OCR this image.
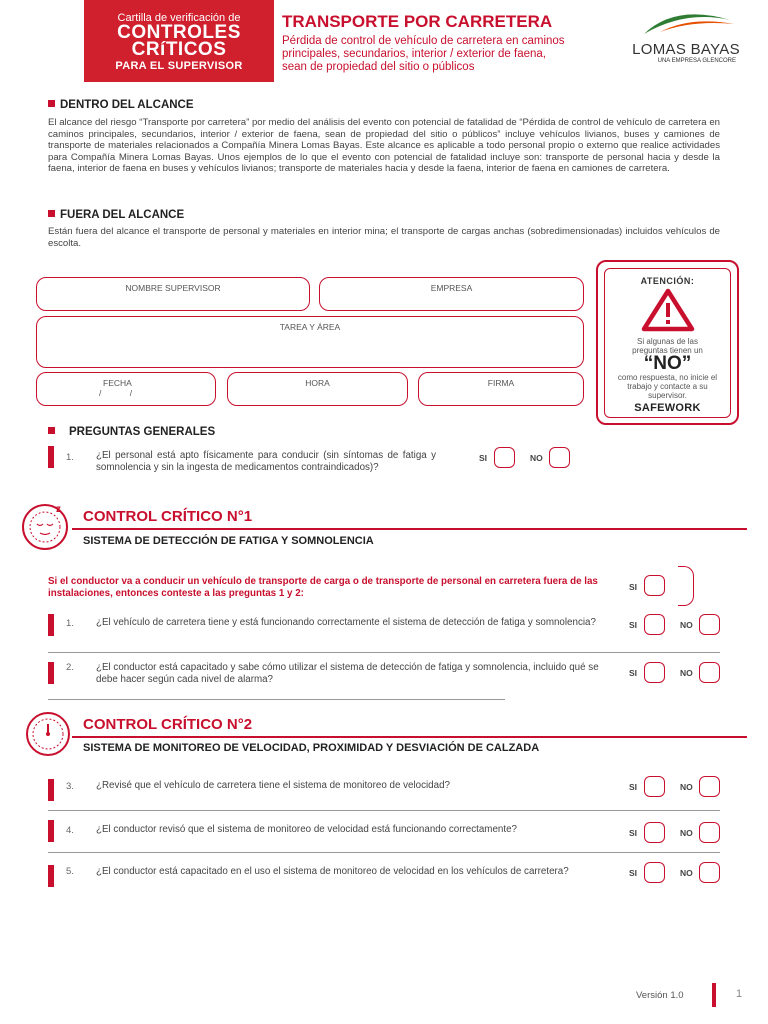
Cartilla de verificación de
CONTROLES
CRíTICOS
PARA EL SUPERVISOR
TRANSPORTE POR CARRETERA
Pérdida de control de vehículo de carretera en caminos principales, secundarios, interior / exterior de faena, sean de propiedad del sitio o públicos
LOMAS BAYAS
UNA EMPRESA GLENCORE
DENTRO DEL ALCANCE
El alcance del riesgo “Transporte por carretera” por medio del análisis del evento con potencial de fatalidad de “Pérdida de control de vehículo de carretera en caminos principales, secundarios, interior / exterior de faena, sean de propiedad del sitio o públicos” incluye vehículos livianos, buses y camiones de transporte de materiales relacionados a Compañía Minera Lomas Bayas. Este alcance es aplicable a todo personal propio o externo que realice actividades para Compañía Minera Lomas Bayas. Unos ejemplos de lo que el evento con potencial de fatalidad incluye son: transporte de personal hacia y desde la faena, interior de faena en buses y vehículos livianos; transporte de materiales hacia y desde la faena, interior de faena en camiones de carretera.
FUERA DEL ALCANCE
Están fuera del alcance el transporte de personal y materiales en interior mina; el transporte de cargas anchas (sobredimensionadas) incluidos vehículos de escolta.
NOMBRE SUPERVISOR	EMPRESA
TAREA Y ÁREA
FECHA
/            /
HORA	FIRMA
ATENCIÓN:
Si algunas de las preguntas tienen un
“NO”
como respuesta, no inicie el trabajo y contacte a su supervisor.
SAFEWORK
PREGUNTAS GENERALES
1. ¿El personal está apto físicamente para conducir (sin síntomas de fatiga y somnolencia y sin la ingesta de medicamentos contraindicados)?
SI	NO
z CONTROL CRÍTICO N°1
SISTEMA DE DETECCIÓN DE FATIGA Y SOMNOLENCIA
Si el conductor va a conducir un vehículo de transporte de carga o de transporte de personal en carretera fuera de las instalaciones, entonces conteste a las preguntas 1 y 2:
SI
1. ¿El vehículo de carretera tiene y está funcionando correctamente el sistema de detección de fatiga y somnolencia?	SI	NO
2. ¿El conductor está capacitado y sabe cómo utilizar el sistema de detección de fatiga y somnolencia, incluido qué se debe hacer según cada nivel de alarma?
SI	NO
CONTROL CRÍTICO N°2
SISTEMA DE MONITOREO DE VELOCIDAD, PROXIMIDAD Y DESVIACIÓN DE CALZADA
3. ¿Revisé que el vehículo de carretera tiene el sistema de monitoreo de velocidad?	SI	NO
4. ¿El conductor revisó que el sistema de monitoreo de velocidad está funcionando correctamente?	SI	NO
5. ¿El conductor está capacitado en el uso el sistema de monitoreo de velocidad en los vehículos de carretera?	SI	NO
Versión 1.0	1
